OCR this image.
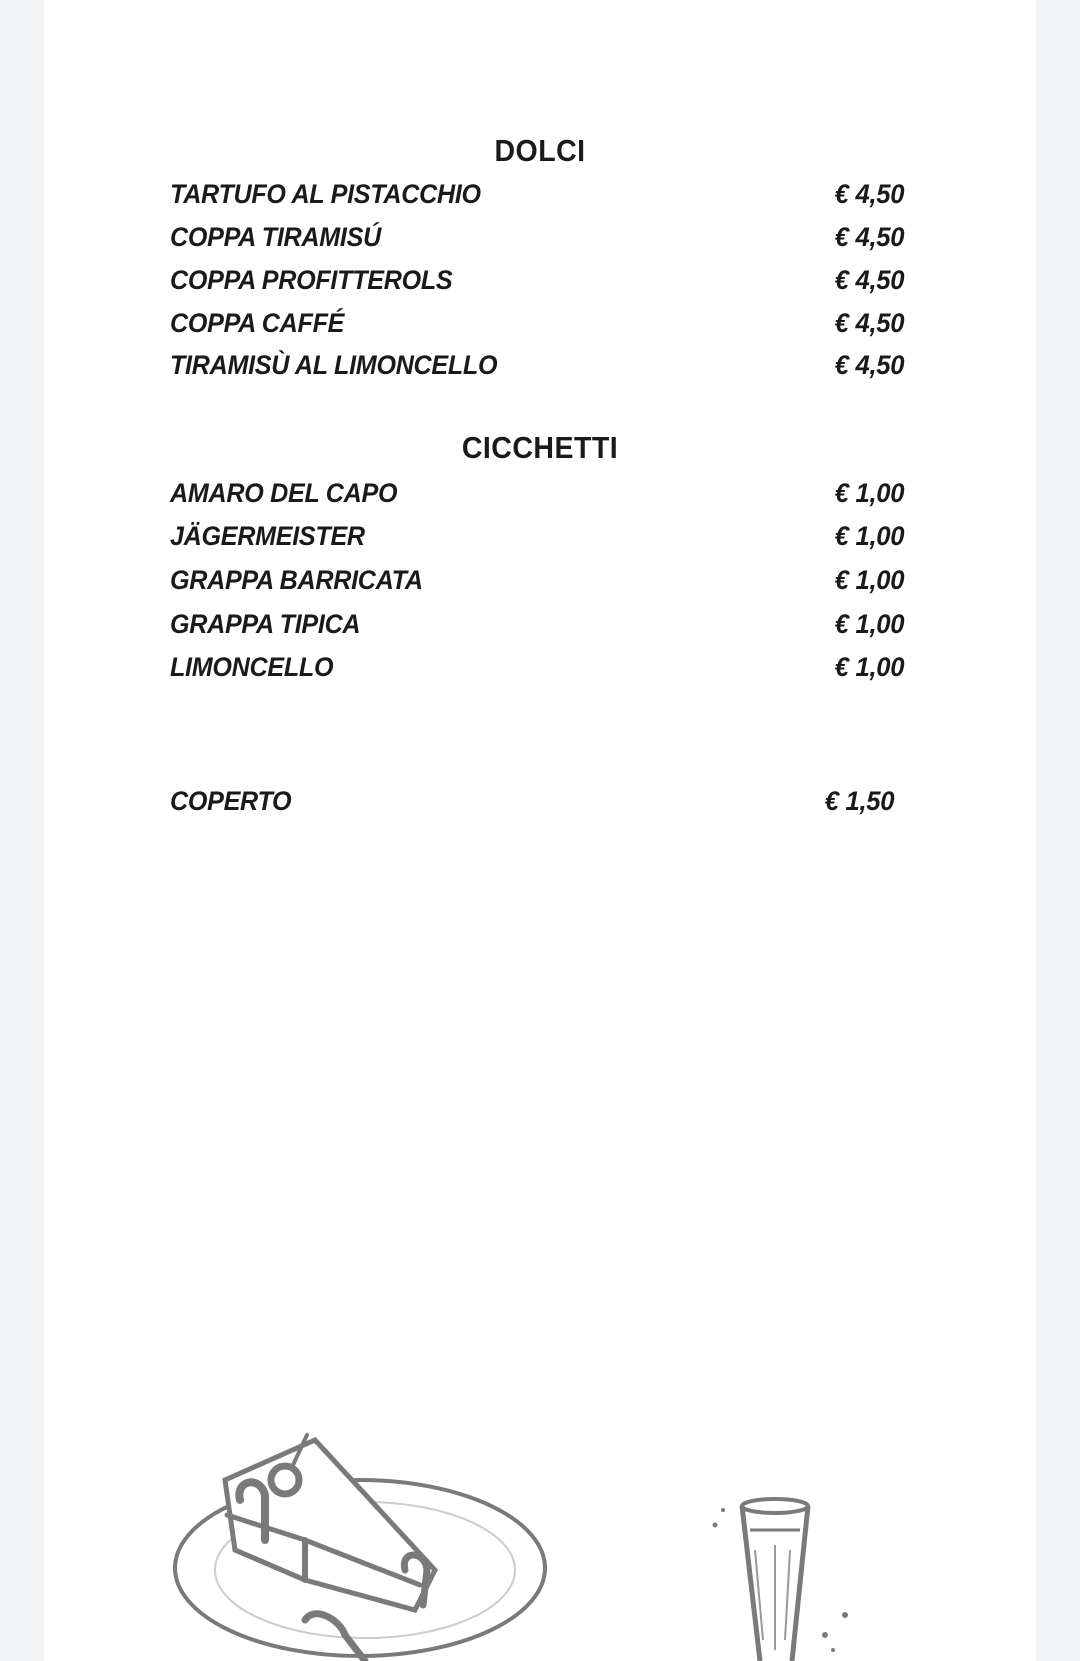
DOLCI
TARTUFO AL PISTACCHIO	€ 4,50
COPPA TIRAMISÚ	€ 4,50
COPPA PROFITTEROLS	€ 4,50
COPPA CAFFÉ	€ 4,50
TIRAMISÙ AL LIMONCELLO	€ 4,50
CICCHETTI
AMARO DEL CAPO	€ 1,00
JÄGERMEISTER	€ 1,00
GRAPPA BARRICATA	€ 1,00
GRAPPA TIPICA	€ 1,00
LIMONCELLO	€ 1,00
COPERTO	€ 1,50
